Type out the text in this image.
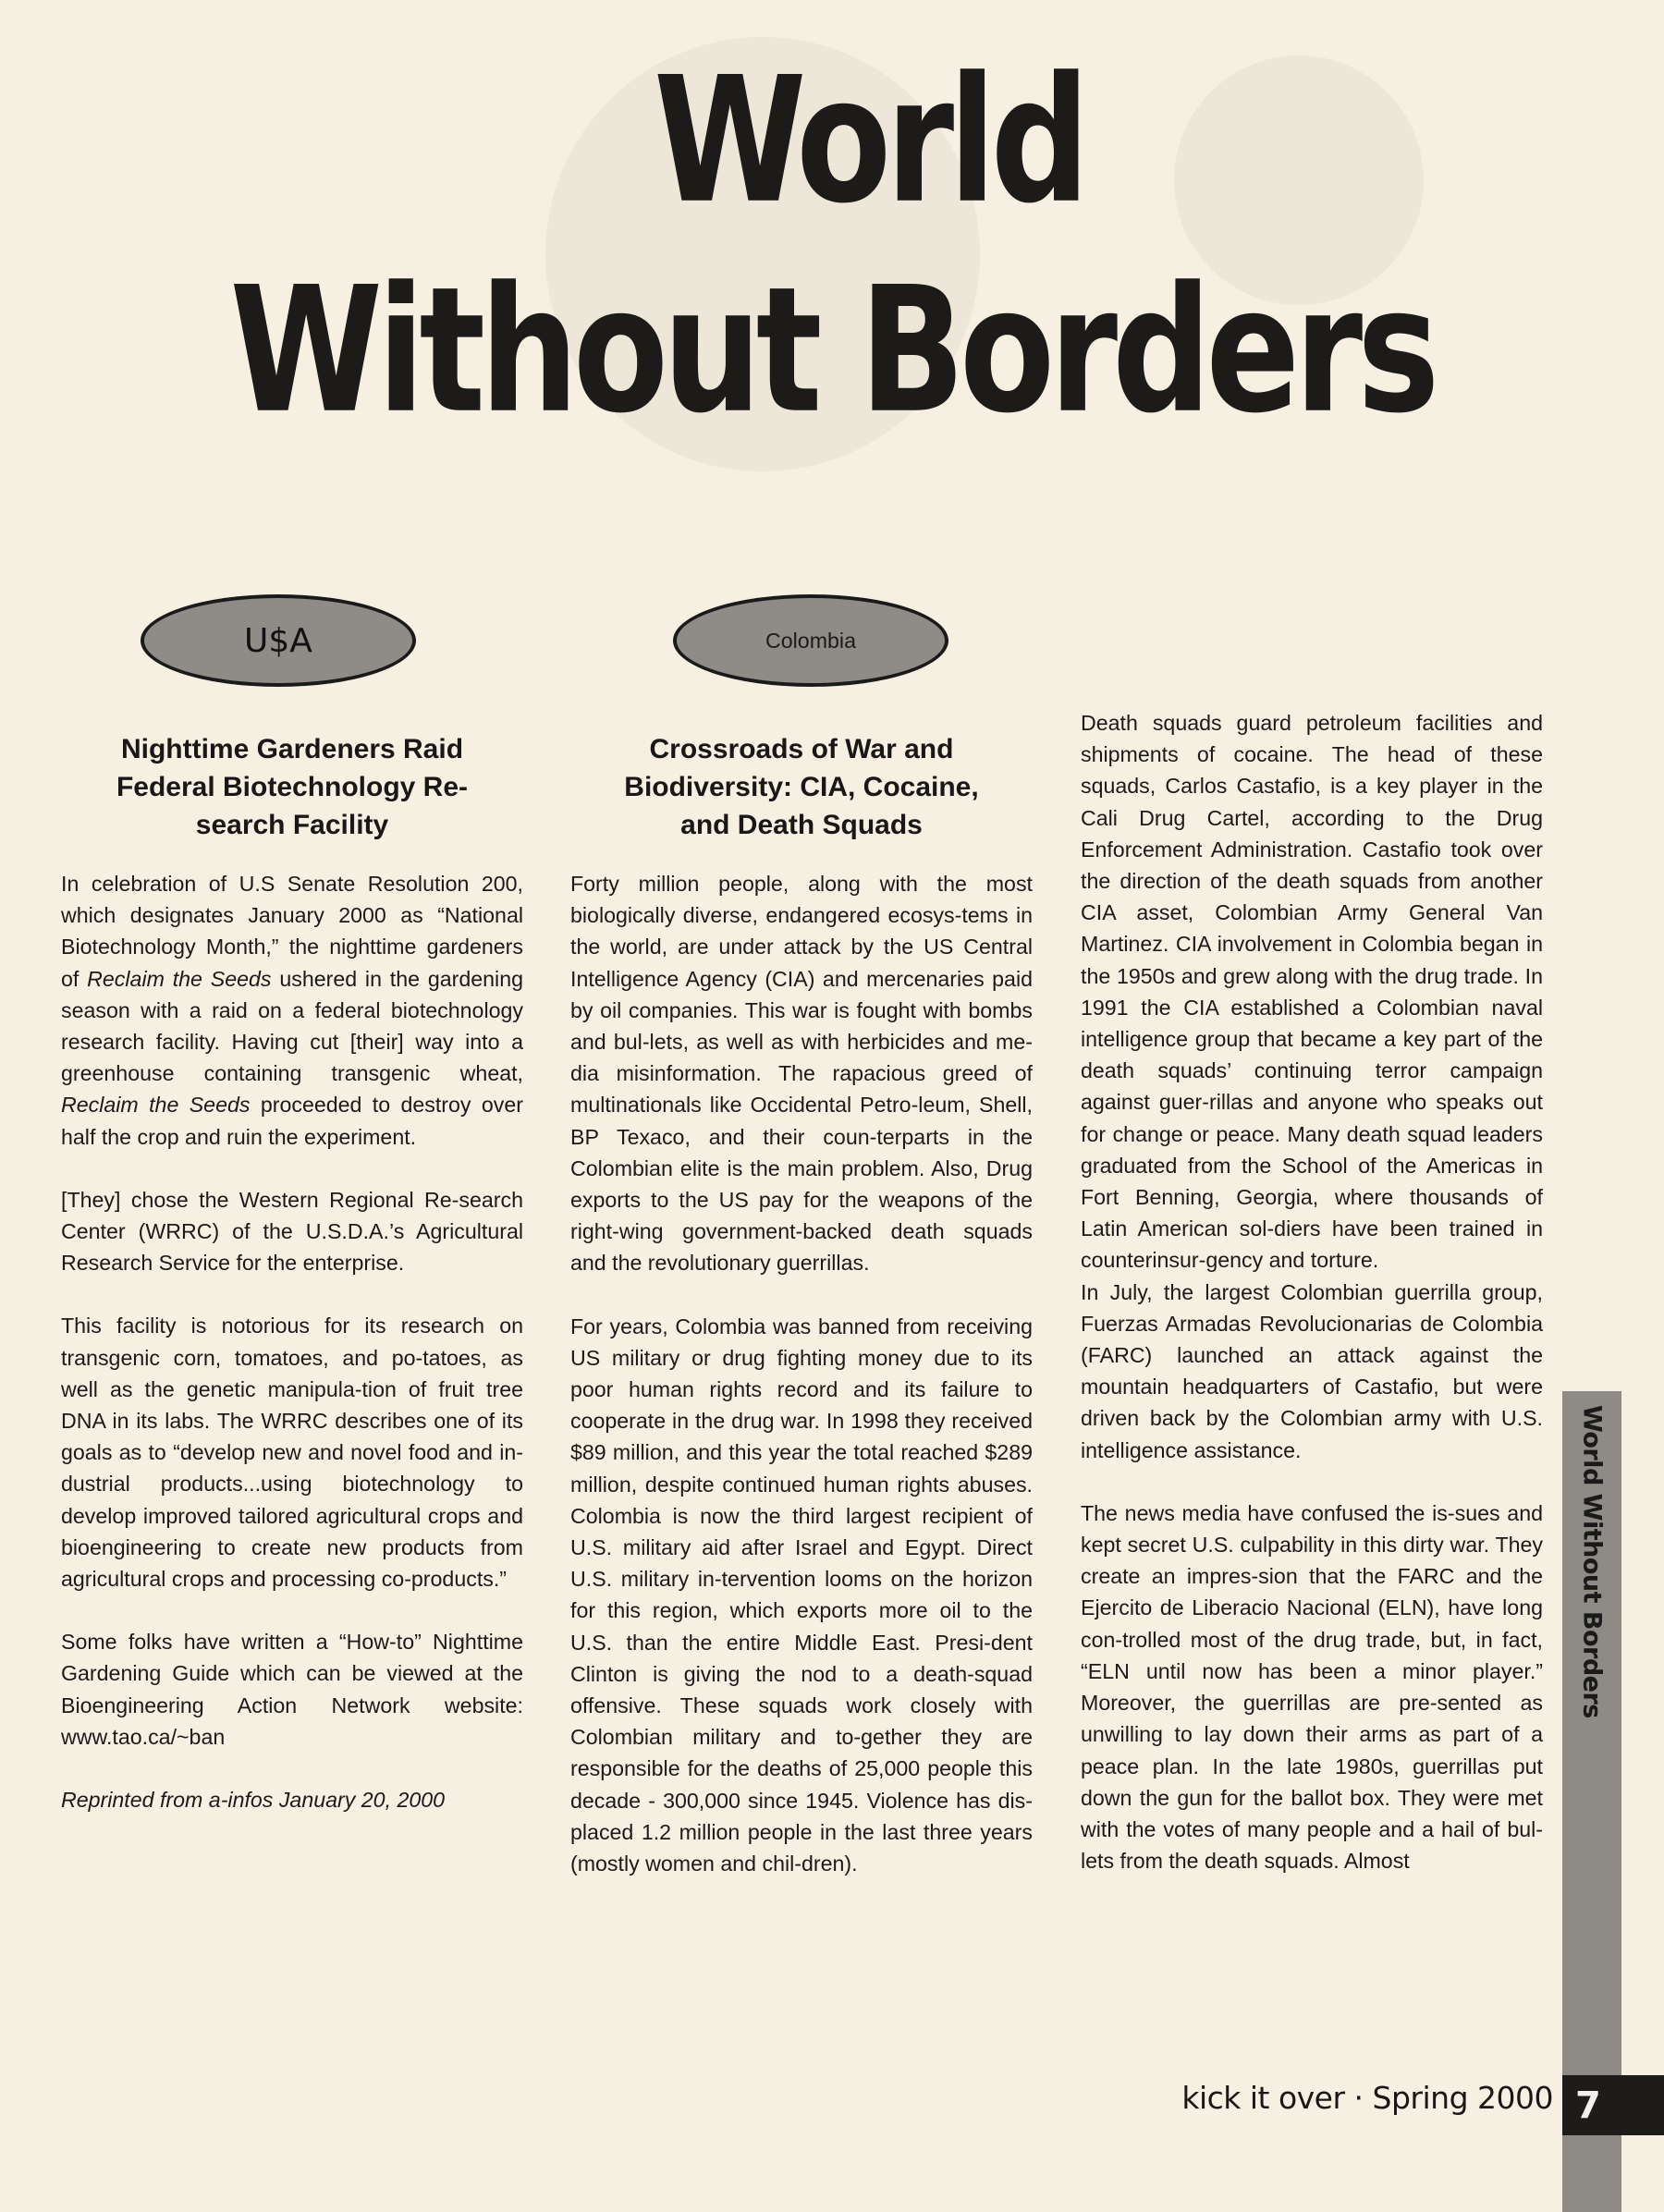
World
Without Borders
U$A	Colombia
Nighttime Gardeners Raid Federal Biotechnology Re-search Facility

In celebration of U.S Senate Resolution 200, which designates January 2000 as “National Biotechnology Month,” the nighttime gardeners of Reclaim the Seeds ushered in the gardening season with a raid on a federal biotechnology research facility. Having cut [their] way into a greenhouse containing transgenic wheat, Reclaim the Seeds proceeded to destroy over half the crop and ruin the experiment.

[They] chose the Western Regional Re-search Center (WRRC) of the U.S.D.A.’s Agricultural Research Service for the enterprise.

This facility is notorious for its research on transgenic corn, tomatoes, and po-tatoes, as well as the genetic manipula-tion of fruit tree DNA in its labs. The WRRC describes one of its goals as to “develop new and novel food and in-dustrial products...using biotechnology to develop improved tailored agricultural crops and bioengineering to create new products from agricultural crops and processing co-products.”

Some folks have written a “How-to” Nighttime Gardening Guide which can be viewed at the Bioengineering Action Network website: www.tao.ca/~ban

Reprinted from a-infos January 20, 2000

Crossroads of War and Biodiversity: CIA, Cocaine, and Death Squads

Forty million people, along with the most biologically diverse, endangered ecosys-tems in the world, are under attack by the US Central Intelligence Agency (CIA) and mercenaries paid by oil companies. This war is fought with bombs and bul-lets, as well as with herbicides and me-dia misinformation. The rapacious greed of multinationals like Occidental Petro-leum, Shell, BP Texaco, and their coun-terparts in the Colombian elite is the main problem. Also, Drug exports to the US pay for the weapons of the right-wing government-backed death squads and the revolutionary guerrillas.

For years, Colombia was banned from receiving US military or drug fighting money due to its poor human rights record and its failure to cooperate in the drug war. In 1998 they received $89 million, and this year the total reached $289 million, despite continued human rights abuses. Colombia is now the third largest recipient of U.S. military aid after Israel and Egypt. Direct U.S. military in-tervention looms on the horizon for this region, which exports more oil to the U.S. than the entire Middle East. Presi-dent Clinton is giving the nod to a death-squad offensive. These squads work closely with Colombian military and to-gether they are responsible for the deaths of 25,000 people this decade - 300,000 since 1945. Violence has dis-placed 1.2 million people in the last three years (mostly women and chil-dren).

Death squads guard petroleum facilities and shipments of cocaine. The head of these squads, Carlos Castafio, is a key player in the Cali Drug Cartel, according to the Drug Enforcement Administration. Castafio took over the direction of the death squads from another CIA asset, Colombian Army General Van Martinez. CIA involvement in Colombia began in the 1950s and grew along with the drug trade. In 1991 the CIA established a Colombian naval intelligence group that became a key part of the death squads’ continuing terror campaign against guer-rillas and anyone who speaks out for change or peace. Many death squad leaders graduated from the School of the Americas in Fort Benning, Georgia, where thousands of Latin American sol-diers have been trained in counterinsur-gency and torture.

In July, the largest Colombian guerrilla group, Fuerzas Armadas Revolucionarias de Colombia (FARC) launched an attack against the mountain headquarters of Castafio, but were driven back by the Colombian army with U.S. intelligence assistance.

The news media have confused the is-sues and kept secret U.S. culpability in this dirty war. They create an impres-sion that the FARC and the Ejercito de Liberacio Nacional (ELN), have long con-trolled most of the drug trade, but, in fact, “ELN until now has been a minor player.” Moreover, the guerrillas are pre-sented as unwilling to lay down their arms as part of a peace plan. In the late 1980s, guerrillas put down the gun for the ballot box. They were met with the votes of many people and a hail of bul-lets from the death squads. Almost

World Without Borders
kick it over · Spring 2000 7
